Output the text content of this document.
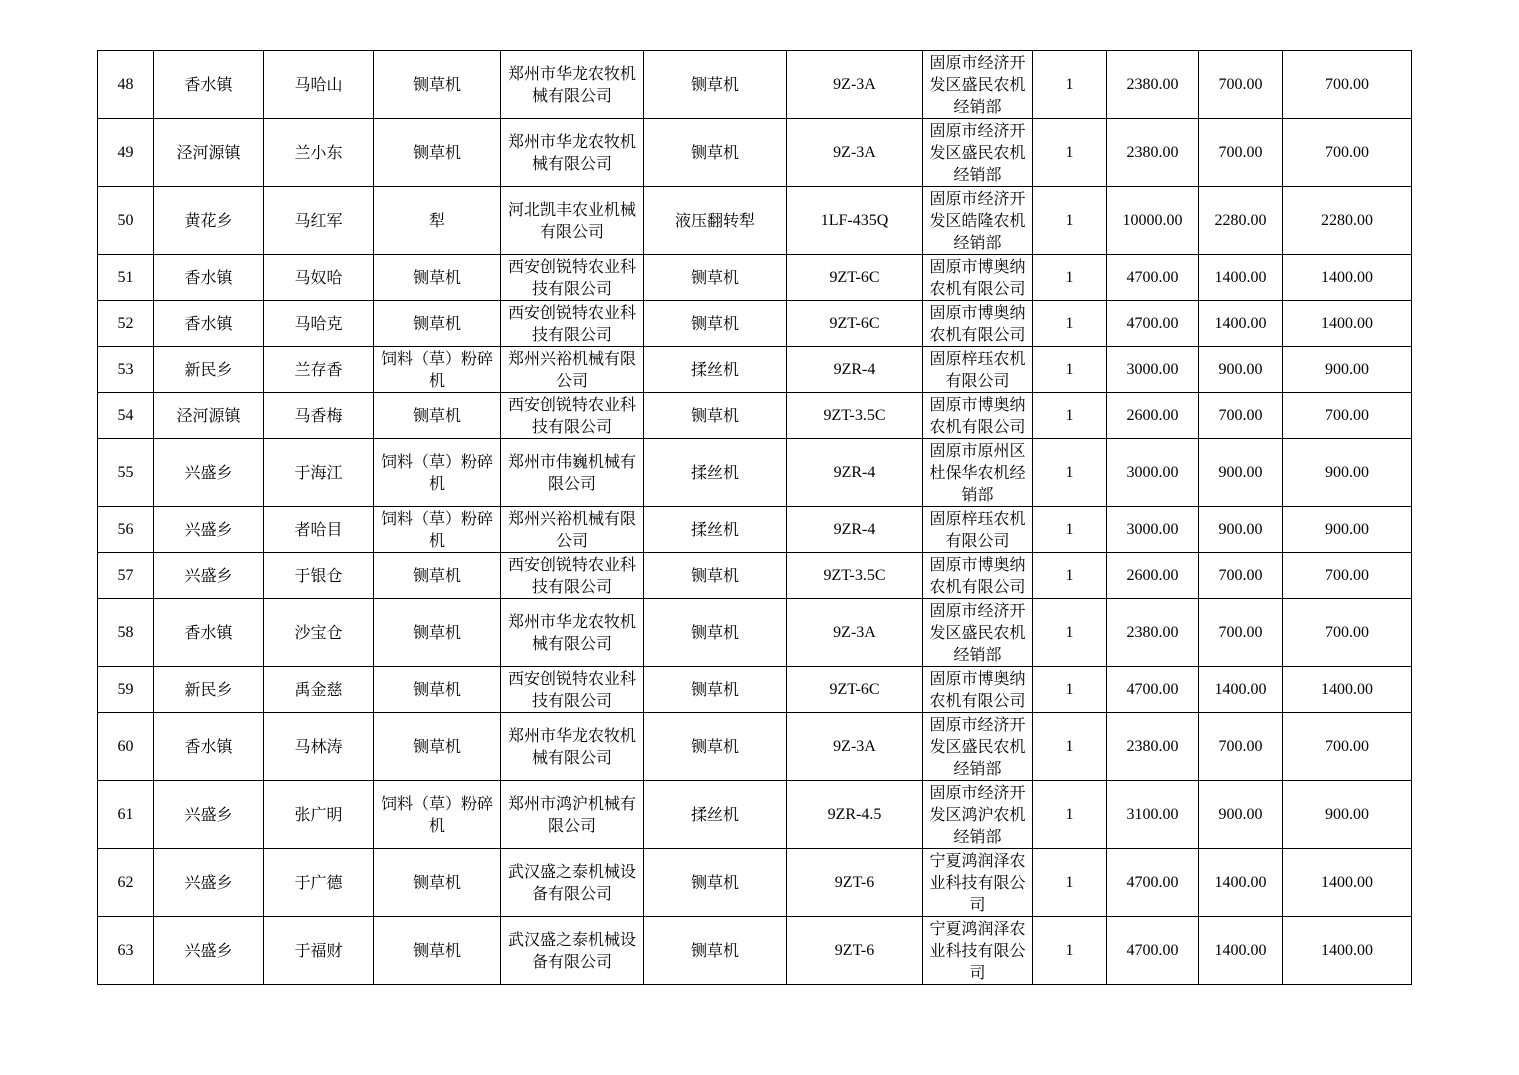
48	香水镇	马哈山	铡草机	郑州市华龙农牧机械有限公司	铡草机	9Z-3A	固原市经济开发区盛民农机经销部	1	2380.00	700.00	700.00
49	泾河源镇	兰小东	铡草机	郑州市华龙农牧机械有限公司	铡草机	9Z-3A	固原市经济开发区盛民农机经销部	1	2380.00	700.00	700.00
50	黄花乡	马红军	犁	河北凯丰农业机械有限公司	液压翻转犁	1LF-435Q	固原市经济开发区皓隆农机经销部	1	10000.00	2280.00	2280.00
51	香水镇	马奴哈	铡草机	西安创锐特农业科技有限公司	铡草机	9ZT-6C	固原市博奥纳农机有限公司	1	4700.00	1400.00	1400.00
52	香水镇	马哈克	铡草机	西安创锐特农业科技有限公司	铡草机	9ZT-6C	固原市博奥纳农机有限公司	1	4700.00	1400.00	1400.00
53	新民乡	兰存香	饲料（草）粉碎机	郑州兴裕机械有限公司	揉丝机	9ZR-4	固原梓珏农机有限公司	1	3000.00	900.00	900.00
54	泾河源镇	马香梅	铡草机	西安创锐特农业科技有限公司	铡草机	9ZT-3.5C	固原市博奥纳农机有限公司	1	2600.00	700.00	700.00
55	兴盛乡	于海江	饲料（草）粉碎机	郑州市伟巍机械有限公司	揉丝机	9ZR-4	固原市原州区杜保华农机经销部	1	3000.00	900.00	900.00
56	兴盛乡	者哈目	饲料（草）粉碎机	郑州兴裕机械有限公司	揉丝机	9ZR-4	固原梓珏农机有限公司	1	3000.00	900.00	900.00
57	兴盛乡	于银仓	铡草机	西安创锐特农业科技有限公司	铡草机	9ZT-3.5C	固原市博奥纳农机有限公司	1	2600.00	700.00	700.00
58	香水镇	沙宝仓	铡草机	郑州市华龙农牧机械有限公司	铡草机	9Z-3A	固原市经济开发区盛民农机经销部	1	2380.00	700.00	700.00
59	新民乡	禹金慈	铡草机	西安创锐特农业科技有限公司	铡草机	9ZT-6C	固原市博奥纳农机有限公司	1	4700.00	1400.00	1400.00
60	香水镇	马林涛	铡草机	郑州市华龙农牧机械有限公司	铡草机	9Z-3A	固原市经济开发区盛民农机经销部	1	2380.00	700.00	700.00
61	兴盛乡	张广明	饲料（草）粉碎机	郑州市鸿沪机械有限公司	揉丝机	9ZR-4.5	固原市经济开发区鸿沪农机经销部	1	3100.00	900.00	900.00
62	兴盛乡	于广德	铡草机	武汉盛之泰机械设备有限公司	铡草机	9ZT-6	宁夏鸿润泽农业科技有限公司	1	4700.00	1400.00	1400.00
63	兴盛乡	于福财	铡草机	武汉盛之泰机械设备有限公司	铡草机	9ZT-6	宁夏鸿润泽农业科技有限公司	1	4700.00	1400.00	1400.00
